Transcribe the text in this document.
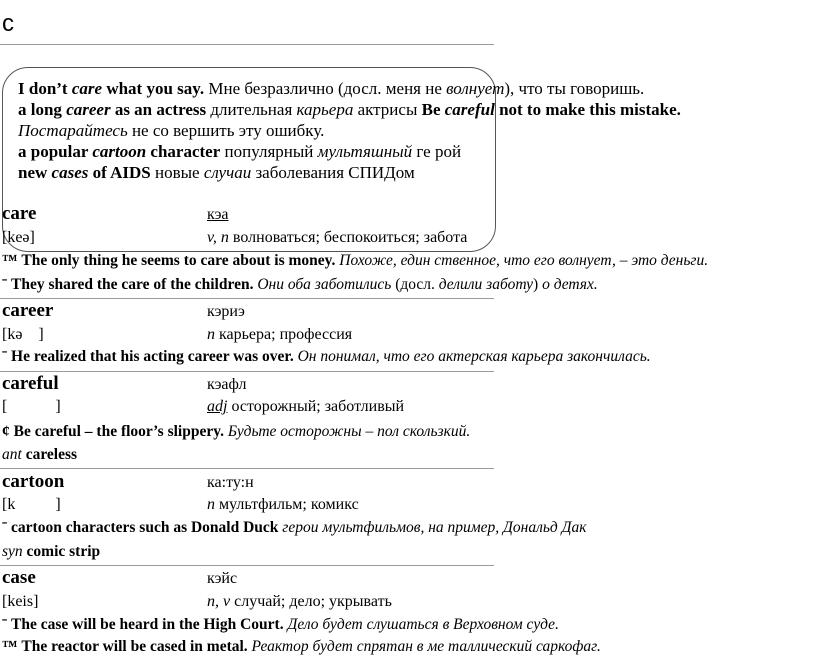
c
I don’t care what you say. Мне безразлично (досл. меня не волнует), что ты говоришь.
a long career as an actress длительная карьера актрисы Be careful not to make this mistake.
Постарайтесь не со вершить эту ошибку.
a popular cartoon character популярный мультяшный ге рой
new cases of AIDS новые случаи заболевания СПИДом
care	кэа
[keə]	v, n волноваться; беспокоиться; забота
™ The only thing he seems to care about is money. Похоже, един ственное, что его волнует, – это деньги.
ˉ They shared the care of the children. Они оба заботились (досл. делили заботу) о детях.
career	кэриэ
[kə    ]	n карьера; профессия
ˉ He realized that his acting career was over. Он понимал, что его актерская карьера закончилась.
careful	кэафл
[            ]	adj осторожный; заботливый
¢ Be careful – the floor’s slippery. Будьте осторожны – пол скользкий.
ant careless
cartoon	ка:ту:н
[k          ]	n мультфильм; комикс
ˉ cartoon characters such as Donald Duck герои мультфильмов, на пример, Дональд Дак
syn comic strip
case	кэйс
[keis]	n, v случай; дело; укрывать
ˉ The case will be heard in the High Court. Дело будет слушаться в Верховном суде.
™ The reactor will be cased in metal. Реактор будет спрятан в ме таллический саркофаг.
